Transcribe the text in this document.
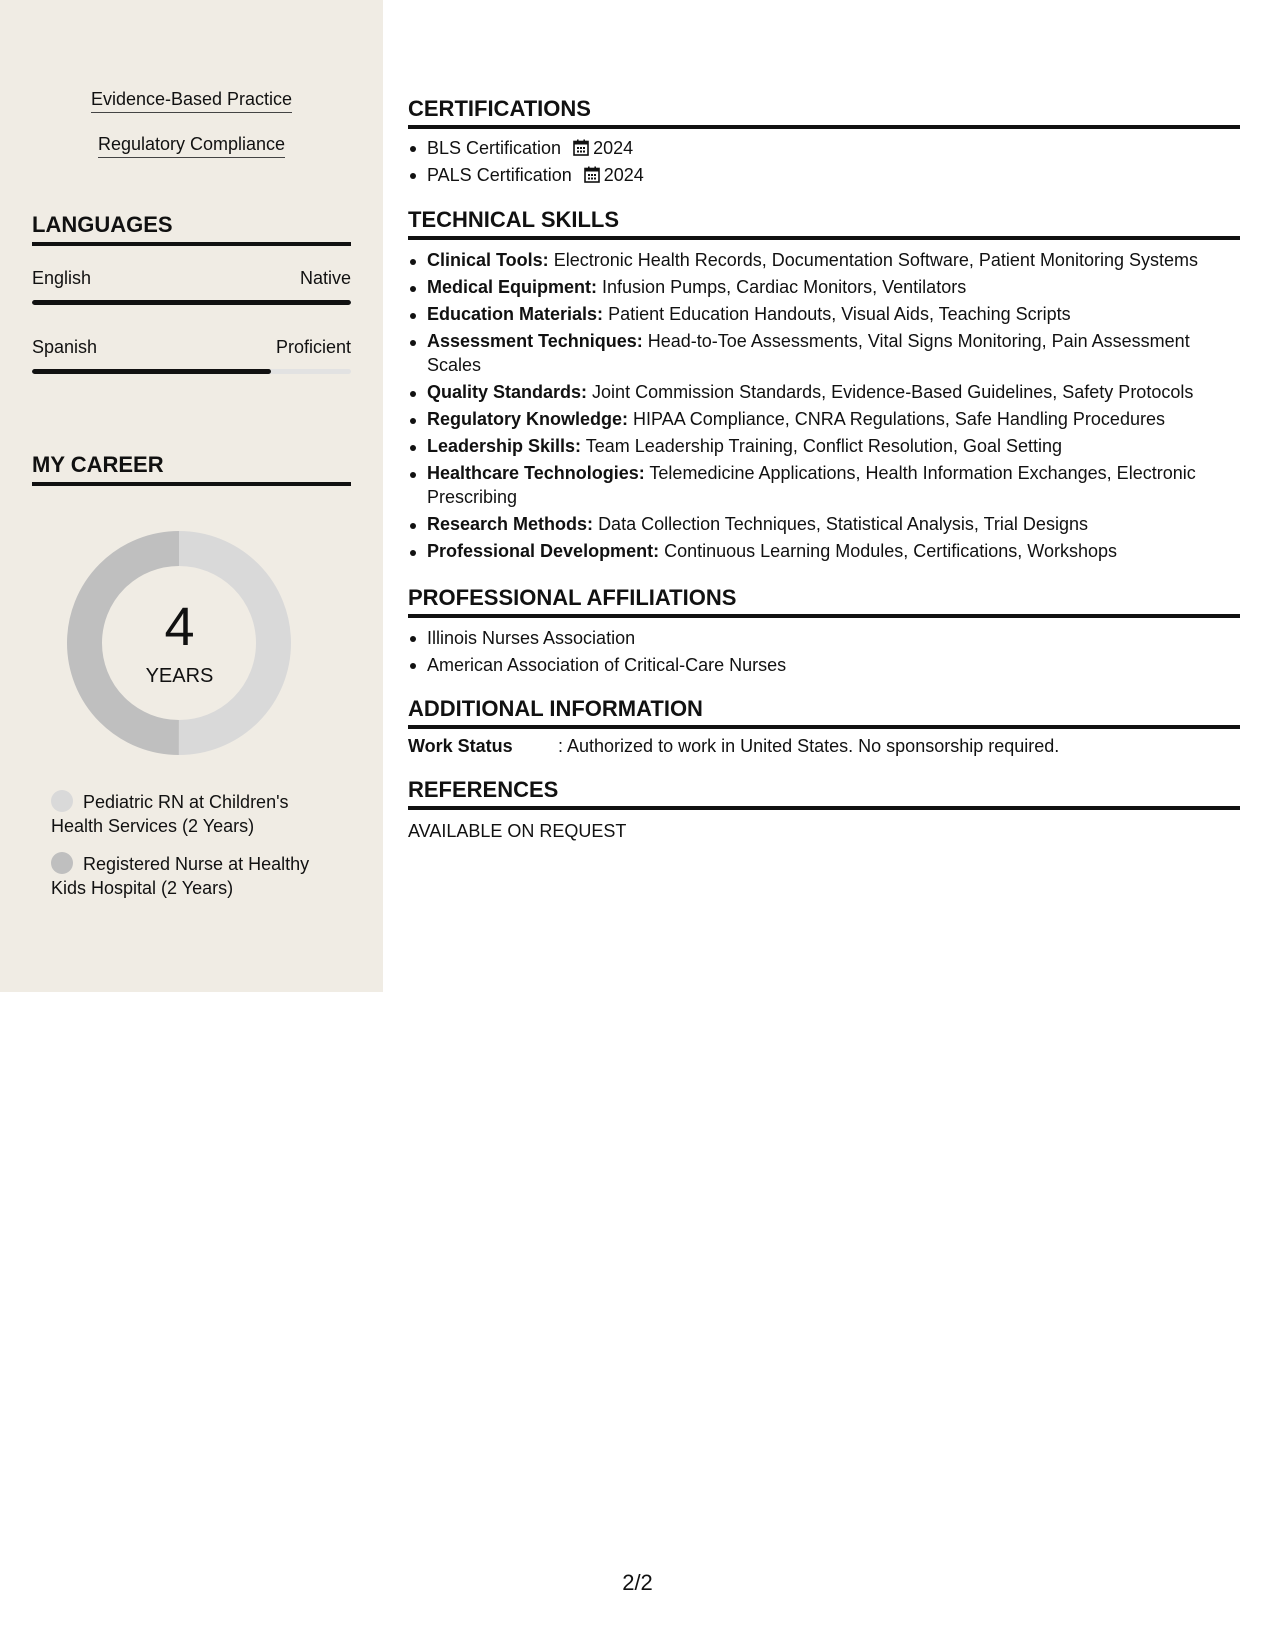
Evidence-Based Practice
Regulatory Compliance
LANGUAGES
English	Native
Spanish	Proficient
MY CAREER
4
YEARS
Pediatric RN at Children's Health Services (2 Years)
Registered Nurse at Healthy Kids Hospital (2 Years)
CERTIFICATIONS
BLS Certification 2024
PALS Certification 2024
TECHNICAL SKILLS
Clinical Tools: Electronic Health Records, Documentation Software, Patient Monitoring Systems
Medical Equipment: Infusion Pumps, Cardiac Monitors, Ventilators
Education Materials: Patient Education Handouts, Visual Aids, Teaching Scripts
Assessment Techniques: Head-to-Toe Assessments, Vital Signs Monitoring, Pain Assessment Scales
Quality Standards: Joint Commission Standards, Evidence-Based Guidelines, Safety Protocols
Regulatory Knowledge: HIPAA Compliance, CNRA Regulations, Safe Handling Procedures
Leadership Skills: Team Leadership Training, Conflict Resolution, Goal Setting
Healthcare Technologies: Telemedicine Applications, Health Information Exchanges, Electronic Prescribing
Research Methods: Data Collection Techniques, Statistical Analysis, Trial Designs
Professional Development: Continuous Learning Modules, Certifications, Workshops
PROFESSIONAL AFFILIATIONS
Illinois Nurses Association
American Association of Critical-Care Nurses
ADDITIONAL INFORMATION
Work Status	: Authorized to work in United States. No sponsorship required.
REFERENCES
AVAILABLE ON REQUEST
2/2
